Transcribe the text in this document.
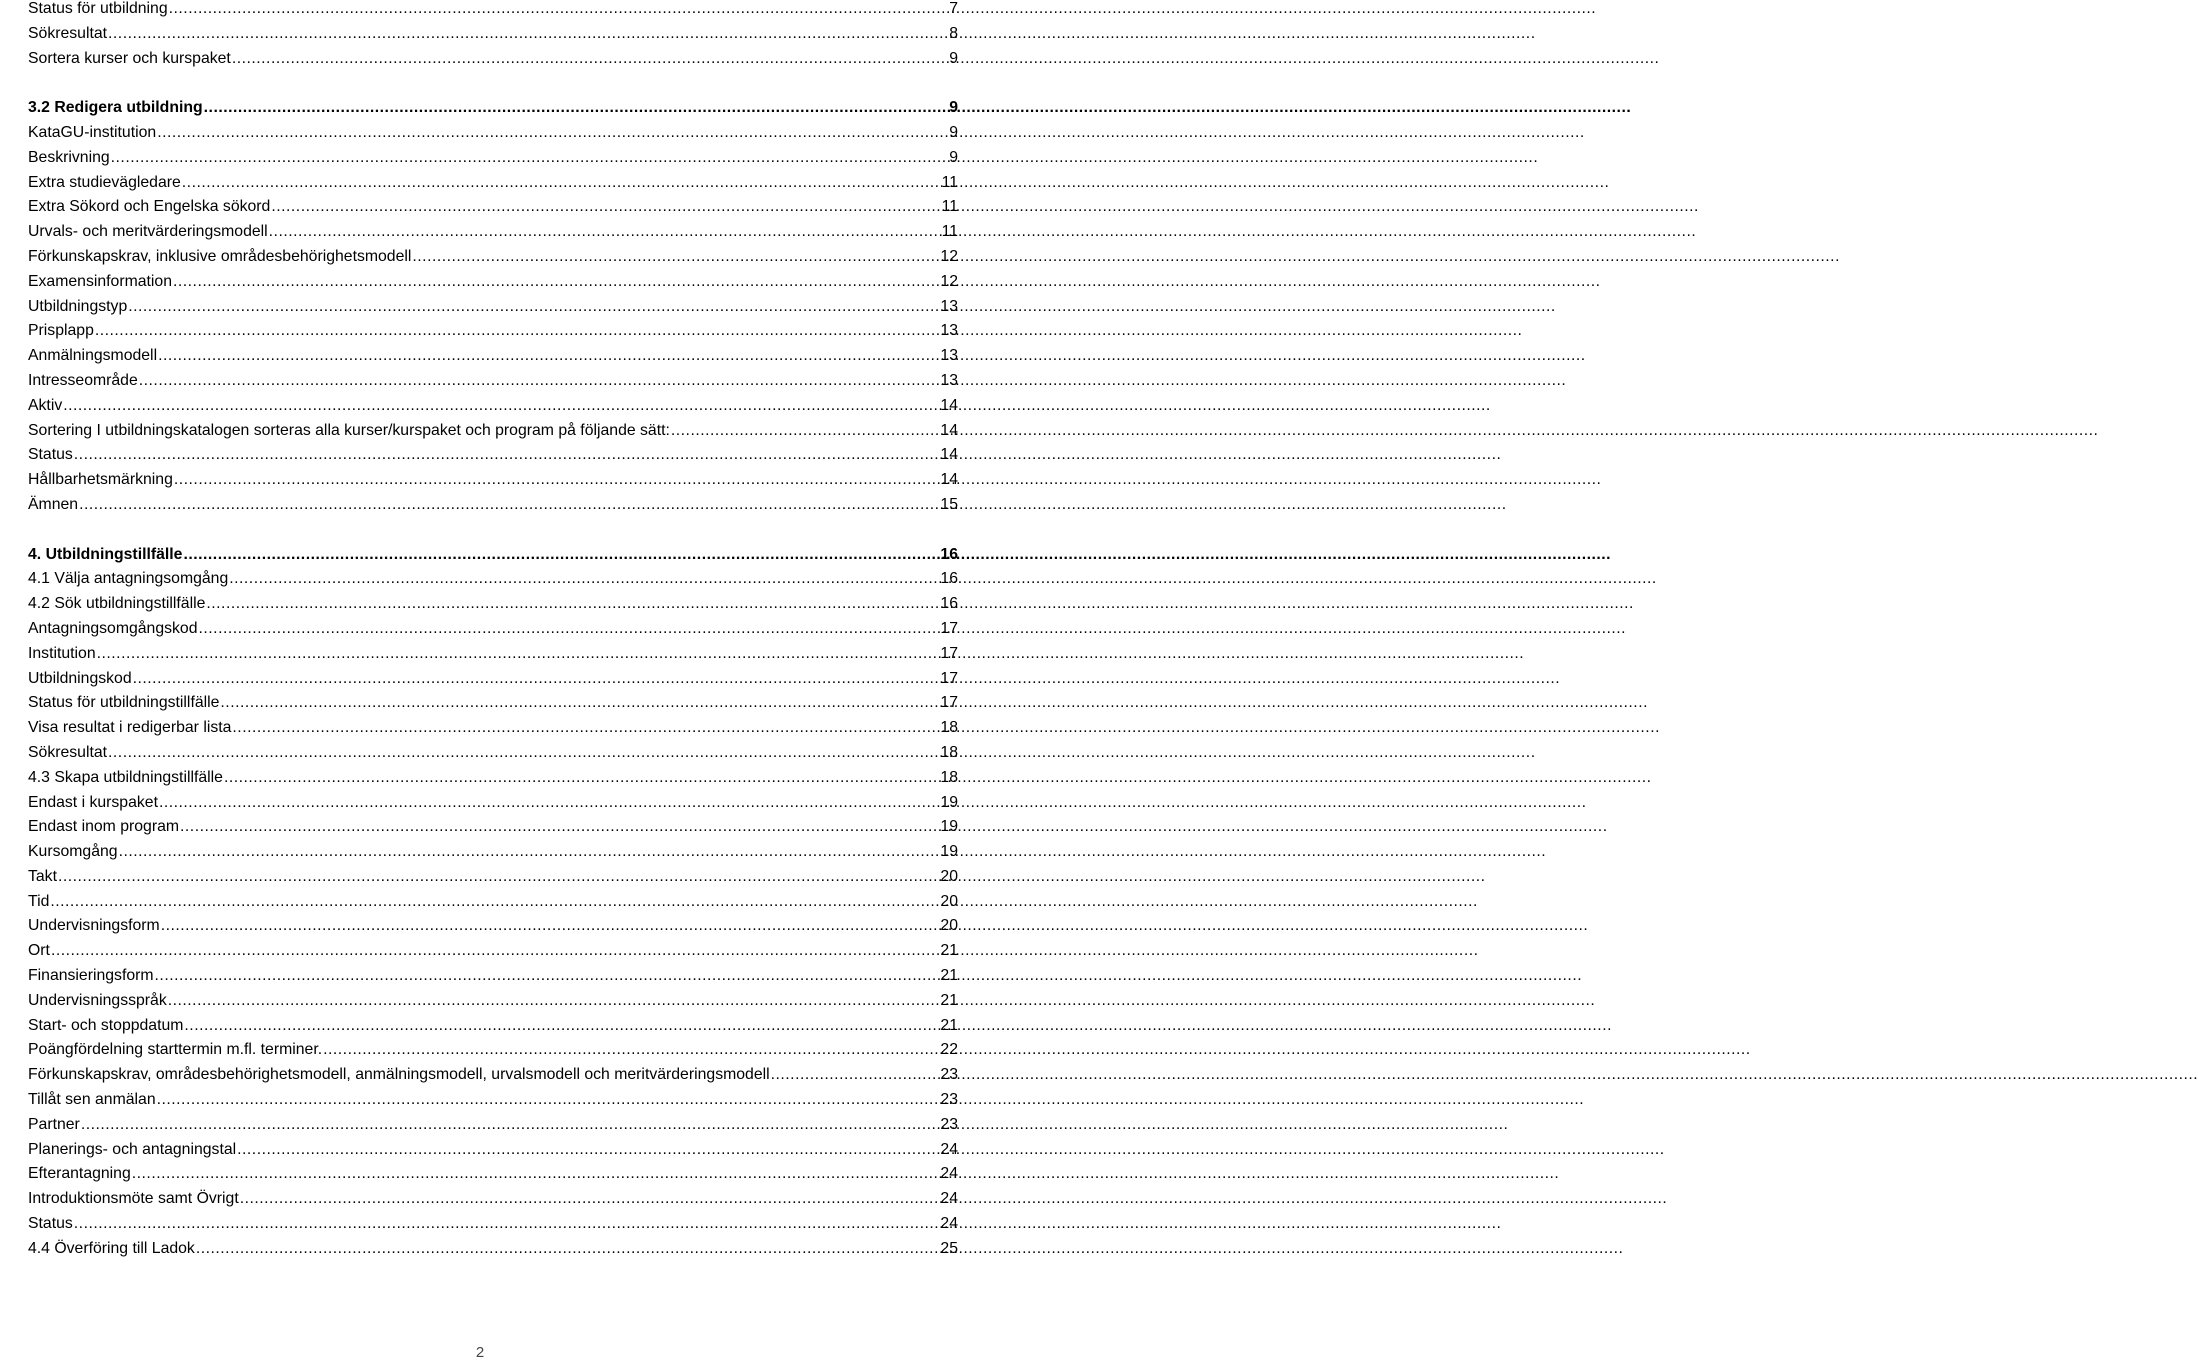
Status för utbildning .....	7
Sökresultat .....	8
Sortera kurser och kurspaket .....	9
3.2 Redigera utbildning .....	9
KataGU-institution .....	9
Beskrivning .....	9
Extra studievägledare .....	11
Extra Sökord och Engelska sökord .....	11
Urvals- och meritvärderingsmodell .....	11
Förkunskapskrav, inklusive områdesbehörighetsmodell .....	12
Examensinformation .....	12
Utbildningstyp .....	13
Prisplapp .....	13
Anmälningsmodell .....	13
Intresseområde .....	13
Aktiv .....	14
Sortering I utbildningskatalogen sorteras alla kurser/kurspaket och program på följande sätt: .....	14
Status .....	14
Hållbarhetsmärkning .....	14
Ämnen .....	15
4. Utbildningstillfälle .....	16
4.1 Välja antagningsomgång .....	16
4.2 Sök utbildningstillfälle .....	16
Antagningsomgångskod .....	17
Institution .....	17
Utbildningskod .....	17
Status för utbildningstillfälle .....	17
Visa resultat i redigerbar lista .....	18
Sökresultat .....	18
4.3 Skapa utbildningstillfälle .....	18
Endast i kurspaket .....	19
Endast inom program .....	19
Kursomgång .....	19
Takt .....	20
Tid .....	20
Undervisningsform .....	20
Ort .....	21
Finansieringsform .....	21
Undervisningsspråk .....	21
Start- och stoppdatum .....	21
Poängfördelning starttermin m.fl. terminer. .....	22
Förkunskapskrav, områdesbehörighetsmodell, anmälningsmodell, urvalsmodell och meritvärderingsmodell .....	23
Tillåt sen anmälan .....	23
Partner .....	23
Planerings- och antagningstal .....	24
Efterantagning .....	24
Introduktionsmöte samt Övrigt .....	24
Status .....	24
4.4 Överföring till Ladok .....	25
2
